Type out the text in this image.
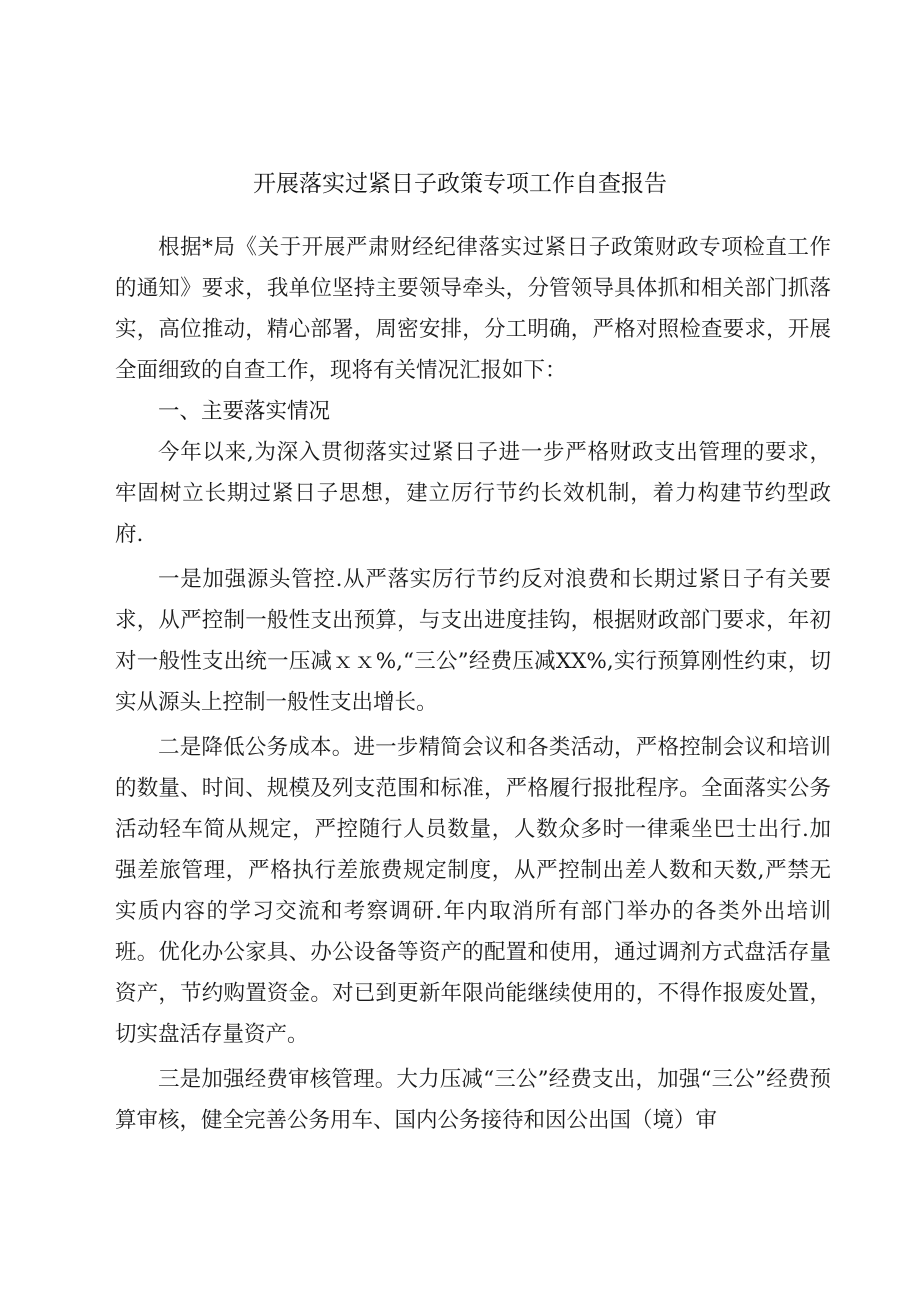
开展落实过紧日子政策专项工作自查报告

根据*局《关于开展严肃财经纪律落实过紧日子政策财政专项检直工作的通知》要求，我单位坚持主要领导牵头，分管领导具体抓和相关部门抓落实，高位推动，精心部署，周密安排，分工明确，严格对照检查要求，开展全面细致的自查工作，现将有关情况汇报如下：

一、主要落实情况

今年以来,为深入贯彻落实过紧日子进一步严格财政支出管理的要求，牢固树立长期过紧日子思想，建立厉行节约长效机制，着力构建节约型政府.

一是加强源头管控.从严落实厉行节约反对浪费和长期过紧日子有关要求，从严控制一般性支出预算，与支出进度挂钩，根据财政部门要求，年初对一般性支出统一压减ｘｘ%,“三公”经费压减XX%,实行预算刚性约束，切实从源头上控制一般性支出增长。

二是降低公务成本。进一步精简会议和各类活动，严格控制会议和培训的数量、时间、规模及列支范围和标准，严格履行报批程序。全面落实公务活动轻车简从规定，严控随行人员数量，人数众多时一律乘坐巴士出行.加强差旅管理，严格执行差旅费规定制度，从严控制出差人数和天数,严禁无实质内容的学习交流和考察调研.年内取消所有部门举办的各类外出培训班。优化办公家具、办公设备等资产的配置和使用，通过调剂方式盘活存量资产，节约购置资金。对已到更新年限尚能继续使用的，不得作报废处置，切实盘活存量资产。

三是加强经费审核管理。大力压减“三公”经费支出，加强“三公”经费预算审核，健全完善公务用车、国内公务接待和因公出国（境）审
